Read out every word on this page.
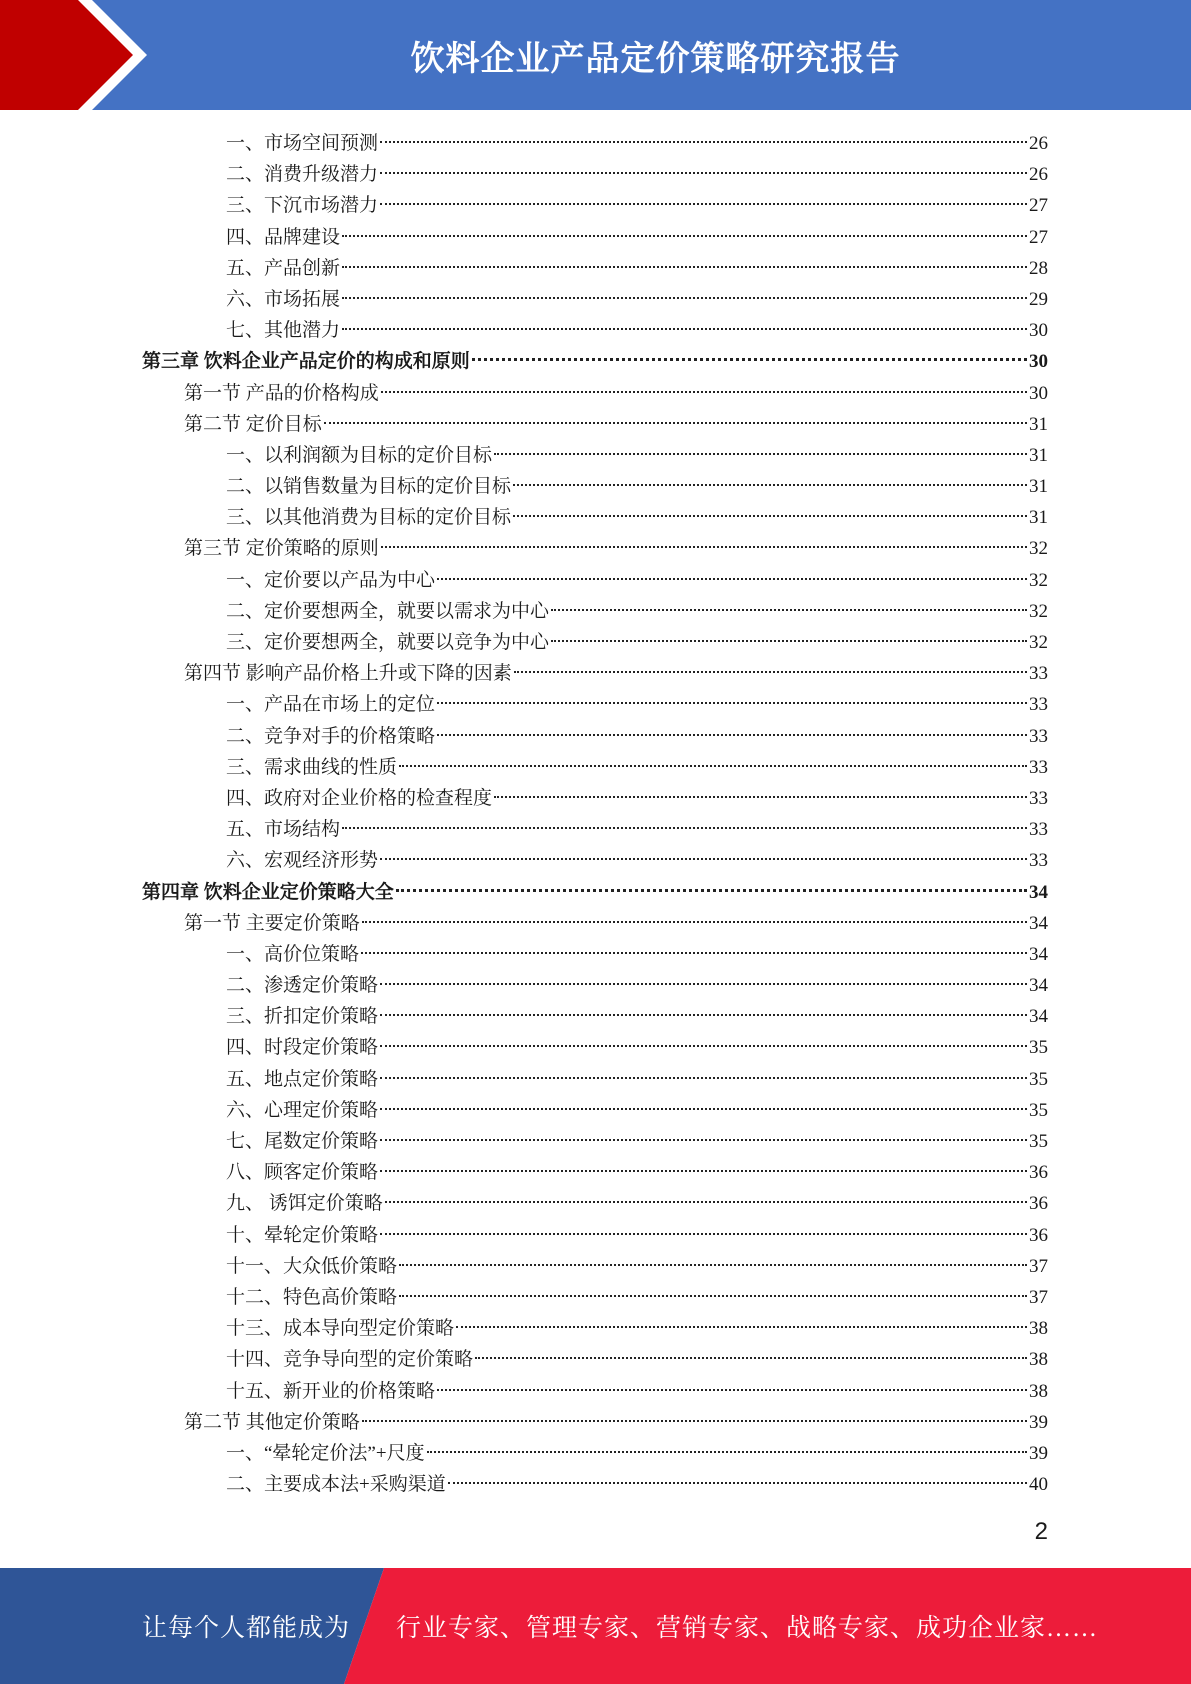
饮料企业产品定价策略研究报告
一、市场空间预测	26
二、消费升级潜力	26
三、下沉市场潜力	27
四、品牌建设	27
五、产品创新	28
六、市场拓展	29
七、其他潜力	30
第三章 饮料企业产品定价的构成和原则	30
第一节 产品的价格构成	30
第二节 定价目标	31
一、以利润额为目标的定价目标	31
二、以销售数量为目标的定价目标	31
三、以其他消费为目标的定价目标	31
第三节 定价策略的原则	32
一、定价要以产品为中心	32
二、定价要想两全，就要以需求为中心	32
三、定价要想两全，就要以竞争为中心	32
第四节 影响产品价格上升或下降的因素	33
一、产品在市场上的定位	33
二、竞争对手的价格策略	33
三、需求曲线的性质	33
四、政府对企业价格的检查程度	33
五、市场结构	33
六、宏观经济形势	33
第四章 饮料企业定价策略大全	34
第一节 主要定价策略	34
一、高价位策略	34
二、渗透定价策略	34
三、折扣定价策略	34
四、时段定价策略	35
五、地点定价策略	35
六、心理定价策略	35
七、尾数定价策略	35
八、顾客定价策略	36
九、 诱饵定价策略	36
十、晕轮定价策略	36
十一、大众低价策略	37
十二、特色高价策略	37
十三、成本导向型定价策略	38
十四、竞争导向型的定价策略	38
十五、新开业的价格策略	38
第二节 其他定价策略	39
一、“晕轮定价法”+尺度	39
二、主要成本法+采购渠道	40
2
让每个人都能成为 行业专家、管理专家、营销专家、战略专家、成功企业家……
